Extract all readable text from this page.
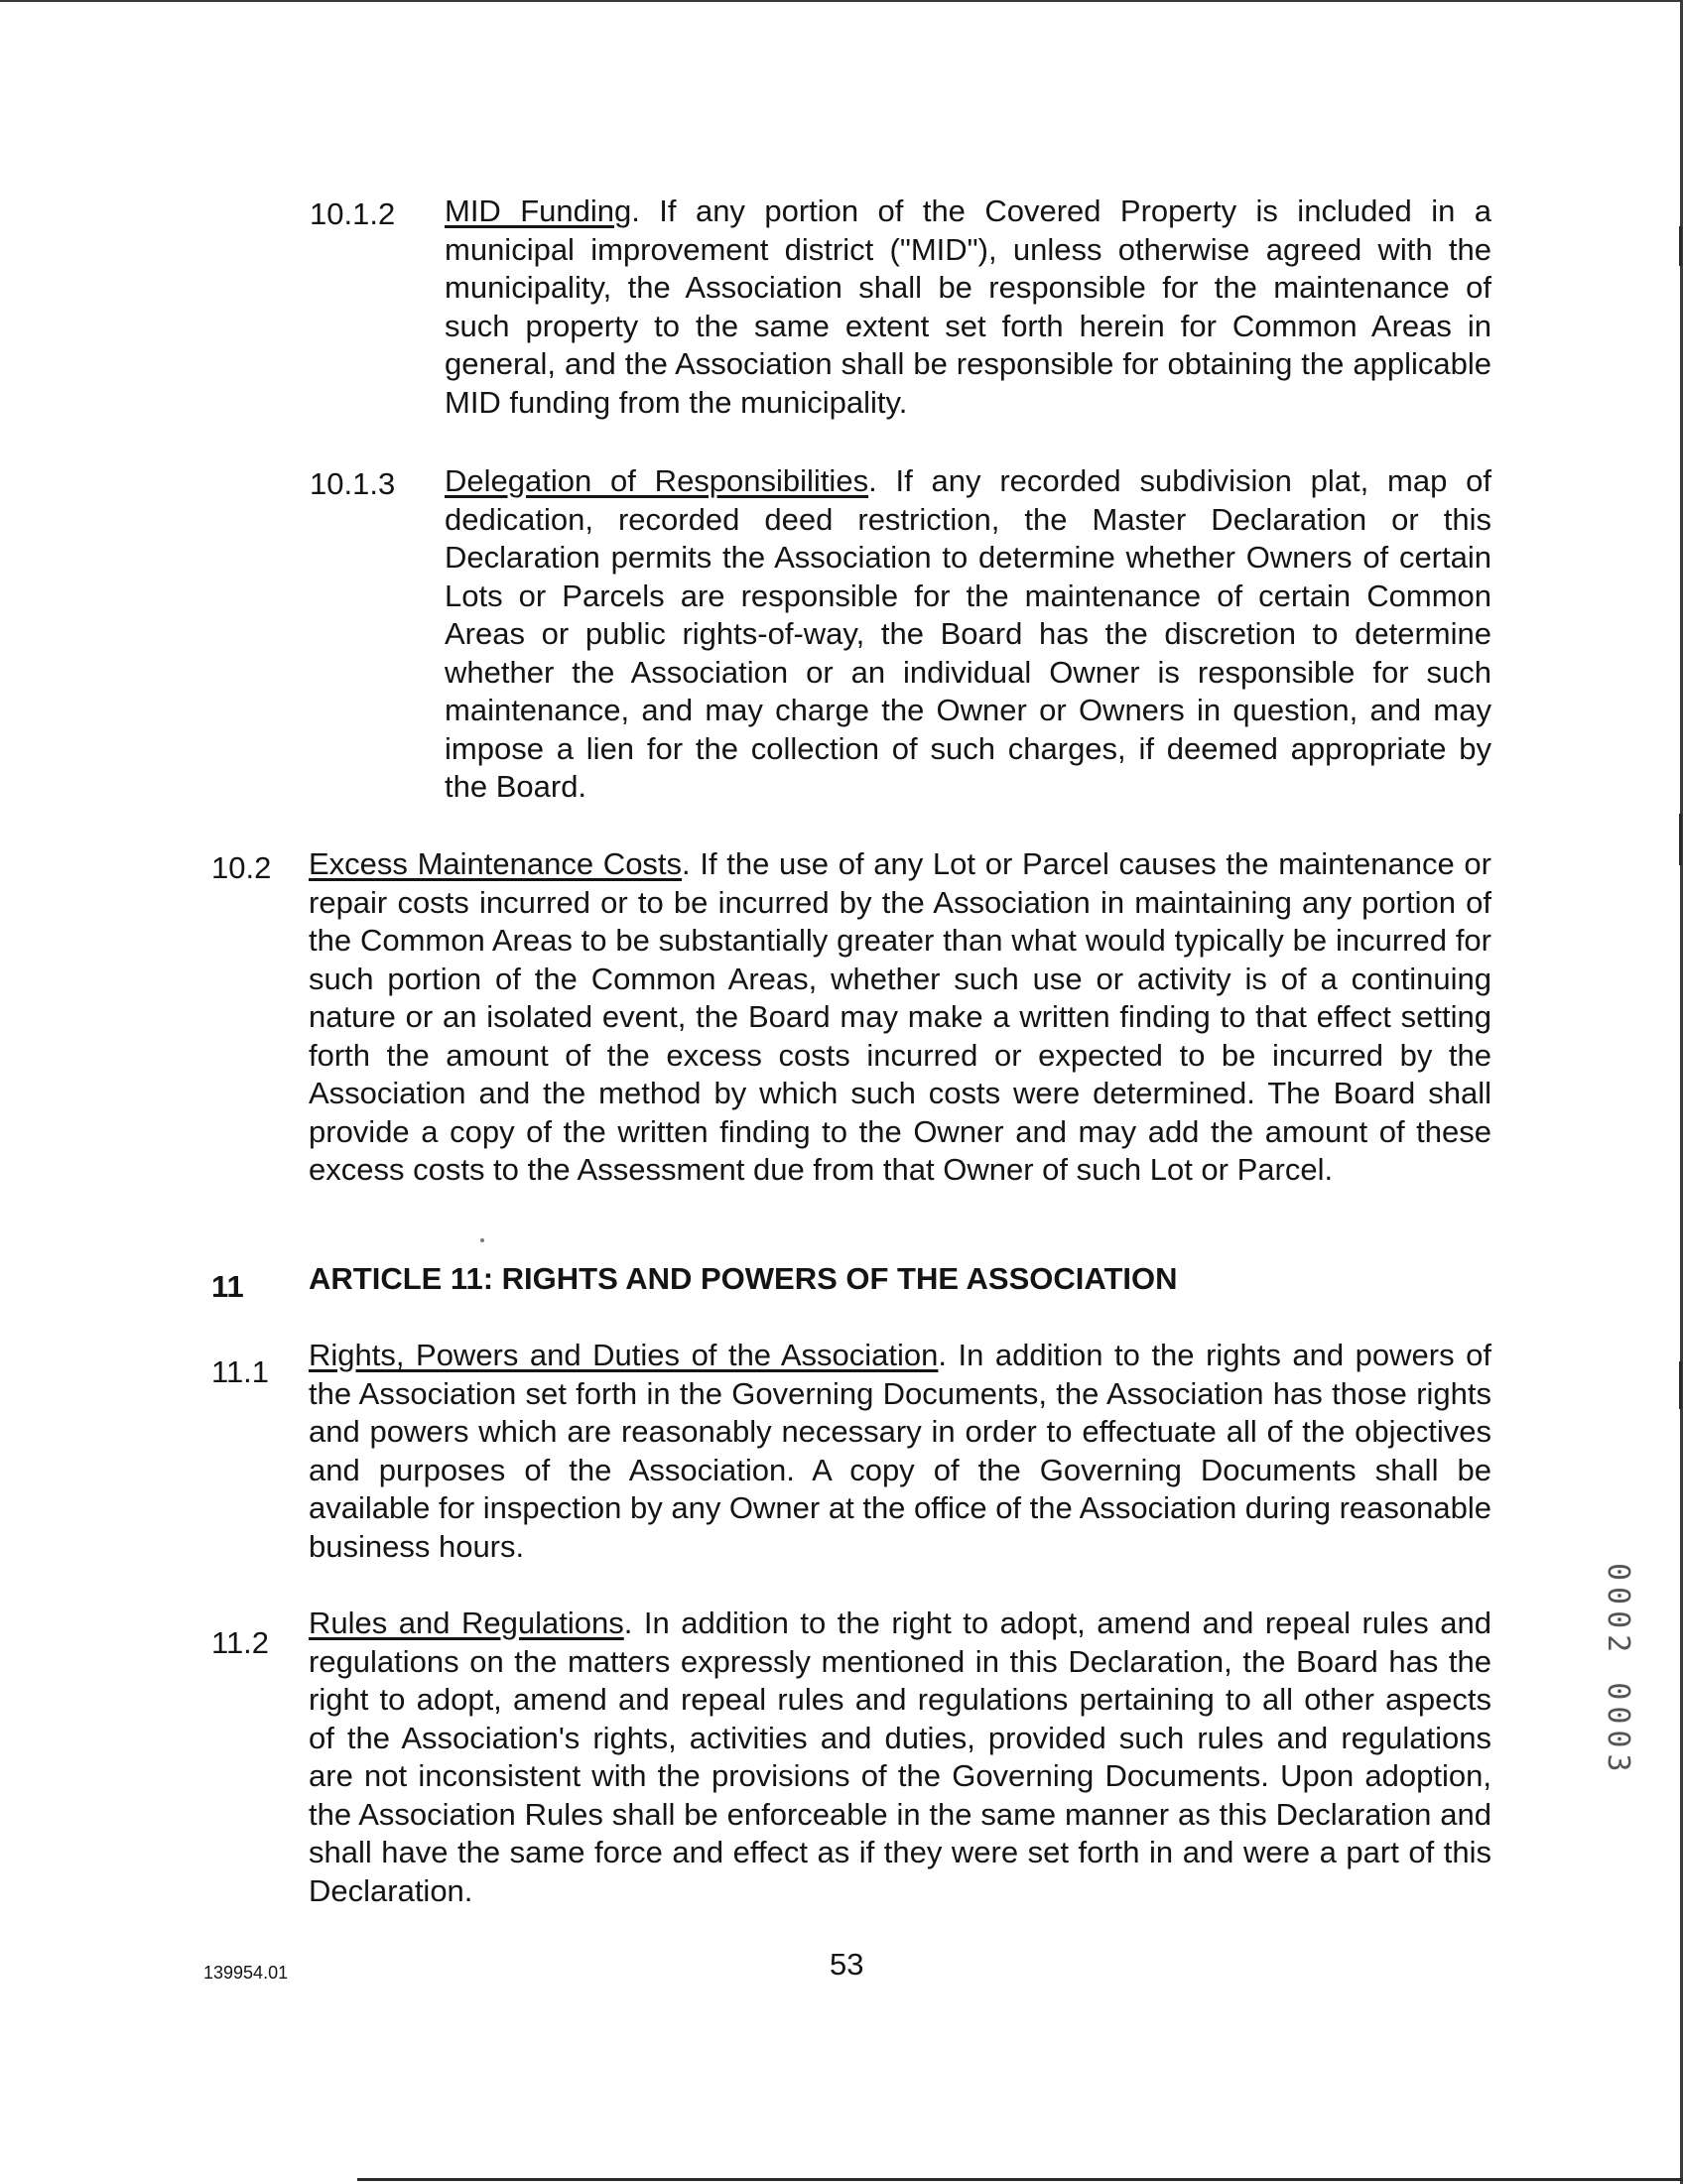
10.1.2 MID Funding. If any portion of the Covered Property is included in a municipal improvement district ("MID"), unless otherwise agreed with the municipality, the Association shall be responsible for the maintenance of such property to the same extent set forth herein for Common Areas in general, and the Association shall be responsible for obtaining the applicable MID funding from the municipality.
10.1.3 Delegation of Responsibilities. If any recorded subdivision plat, map of dedication, recorded deed restriction, the Master Declaration or this Declaration permits the Association to determine whether Owners of certain Lots or Parcels are responsible for the maintenance of certain Common Areas or public rights-of-way, the Board has the discretion to determine whether the Association or an individual Owner is responsible for such maintenance, and may charge the Owner or Owners in question, and may impose a lien for the collection of such charges, if deemed appropriate by the Board.
10.2 Excess Maintenance Costs. If the use of any Lot or Parcel causes the maintenance or repair costs incurred or to be incurred by the Association in maintaining any portion of the Common Areas to be substantially greater than what would typically be incurred for such portion of the Common Areas, whether such use or activity is of a continuing nature or an isolated event, the Board may make a written finding to that effect setting forth the amount of the excess costs incurred or expected to be incurred by the Association and the method by which such costs were determined. The Board shall provide a copy of the written finding to the Owner and may add the amount of these excess costs to the Assessment due from that Owner of such Lot or Parcel.
11 ARTICLE 11: RIGHTS AND POWERS OF THE ASSOCIATION
11.1 Rights, Powers and Duties of the Association. In addition to the rights and powers of the Association set forth in the Governing Documents, the Association has those rights and powers which are reasonably necessary in order to effectuate all of the objectives and purposes of the Association. A copy of the Governing Documents shall be available for inspection by any Owner at the office of the Association during reasonable business hours.
11.2
Rules and Regulations. In addition to the right to adopt, amend and repeal rules and regulations on the matters expressly mentioned in this Declaration, the Board has the right to adopt, amend and repeal rules and regulations pertaining to all other aspects of the Association's rights, activities and duties, provided such rules and regulations are not inconsistent with the provisions of the Governing Documents. Upon adoption, the Association Rules shall be enforceable in the same manner as this Declaration and shall have the same force and effect as if they were set forth in and were a part of this Declaration.
0002 0003
139954.01	53
